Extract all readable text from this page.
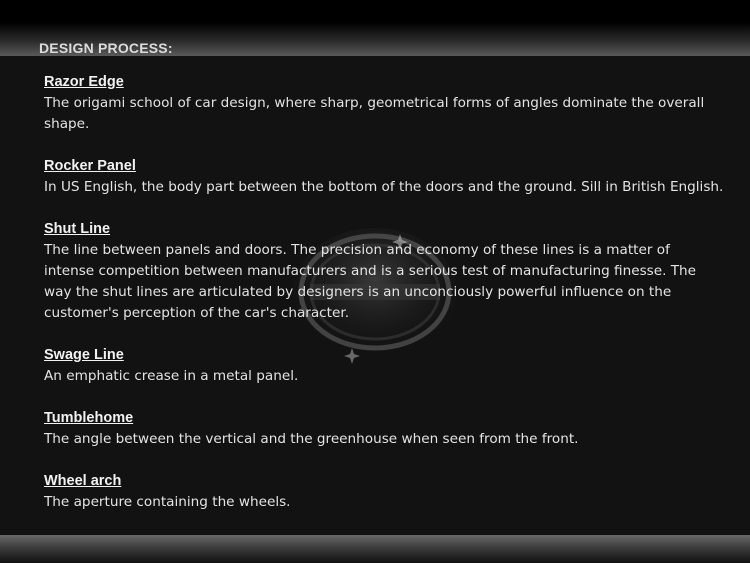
DESIGN PROCESS:
Razor Edge
The origami school of car design, where sharp, geometrical forms of angles dominate the overall shape.
Rocker Panel
In US English, the body part between the bottom of the doors and the ground. Sill in British English.
Shut Line
The line between panels and doors. The precision and economy of these lines is a matter of intense competition between manufacturers and is a serious test of manufacturing finesse. The way the shut lines are articulated by designers is an unconciously powerful influence on the customer's perception of the car's character.
Swage Line
An emphatic crease in a metal panel.
Tumblehome
The angle between the vertical and the greenhouse when seen from the front.
Wheel arch
The aperture containing the wheels.
